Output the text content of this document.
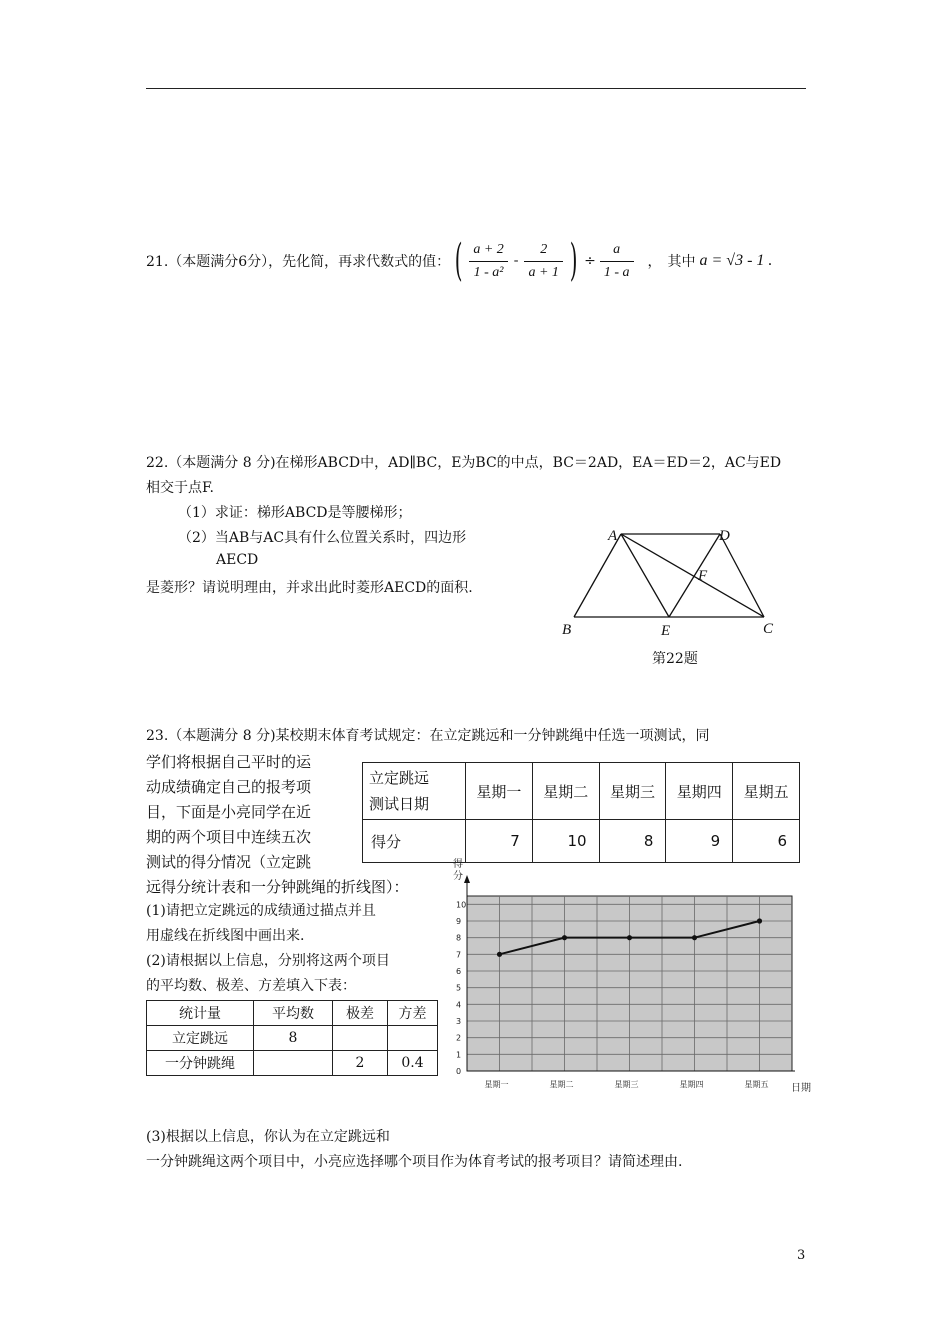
21.（本题满分6分），先化简，再求代数式的值： ( $\frac{a + 2}{\text{1 - a²}} - \frac{2}{a + 1}$ ) ÷ $\frac{a}{1 - a}$ ， 其中 a = √3 - 1 .
22.（本题满分 8 分)在梯形ABCD中，AD∥BC，E为BC的中点，BC＝2AD，EA＝ED＝2，AC与ED
相交于点F.
（1）求证：梯形ABCD是等腰梯形；
（2）当AB与AC具有什么位置关系时，四边形
AECD
是菱形？请说明理由，并求出此时菱形AECD的面积.
A	D
F
B	E	C
第22题
23.（本题满分 8 分)某校期末体育考试规定：在立定跳远和一分钟跳绳中任选一项测试，同
学们将根据自己平时的运
动成绩确定自己的报考项
目，下面是小亮同学在近
期的两个项目中连续五次
测试的得分情况（立定跳
远得分统计表和一分钟跳绳的折线图）：
(1)请把立定跳远的成绩通过描点并且
用虚线在折线图中画出来.
(2)请根据以上信息，分别将这两个项目
的平均数、极差、方差填入下表：
立定跳远
测试日期	星期一	星期二	星期三	星期四	星期五
得分	7	10	8	9	6
统计量	平均数	极差	方差
立定跳远	8		
一分钟跳绳		2	0.4
得
分
日期
0
1
2
3
4
5
6
7
8
9
10
星期一	星期二	星期三	星期四	星期五
(3)根据以上信息，你认为在立定跳远和
一分钟跳绳这两个项目中，小亮应选择哪个项目作为体育考试的报考项目？请简述理由.
3
